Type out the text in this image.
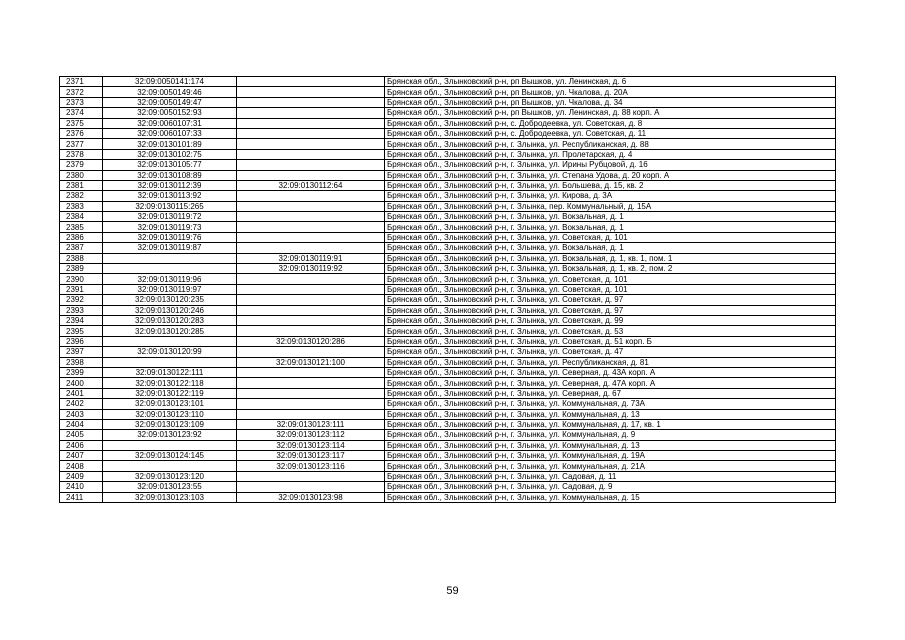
2371	32:09:0050141:174		Брянская обл., Злынковский р-н, рп Вышков, ул. Ленинская, д. 6
2372	32:09:0050149:46		Брянская обл., Злынковский р-н, рп Вышков, ул. Чкалова, д. 20А
2373	32:09:0050149:47		Брянская обл., Злынковский р-н, рп Вышков, ул. Чкалова, д. 34
2374	32:09:0050152:93		Брянская обл., Злынковский р-н, рп Вышков, ул. Ленинская, д. 88 корп. А
2375	32:09:0060107:31		Брянская обл., Злынковский р-н, с. Добродеевка, ул. Советская, д. 8
2376	32:09:0060107:33		Брянская обл., Злынковский р-н, с. Добродеевка, ул. Советская, д. 11
2377	32:09:0130101:89		Брянская обл., Злынковский р-н, г. Злынка, ул. Республиканская, д. 88
2378	32:09:0130102:75		Брянская обл., Злынковский р-н, г. Злынка, ул. Пролетарская, д. 4
2379	32:09:0130105:77		Брянская обл., Злынковский р-н, г. Злынка, ул. Ирины Рубцовой, д. 16
2380	32:09:0130108:89		Брянская обл., Злынковский р-н, г. Злынка, ул. Степана Удова, д. 20 корп. А
2381	32:09:0130112:39	32:09:0130112:64	Брянская обл., Злынковский р-н, г. Злынка, ул. Большева, д. 15, кв. 2
2382	32:09:0130113:92		Брянская обл., Злынковский р-н, г. Злынка, ул. Кирова, д. 3А
2383	32:09:0130115:265		Брянская обл., Злынковский р-н, г. Злынка, пер. Коммунальный, д. 15А
2384	32:09:0130119:72		Брянская обл., Злынковский р-н, г. Злынка, ул. Вокзальная, д. 1
2385	32:09:0130119:73		Брянская обл., Злынковский р-н, г. Злынка, ул. Вокзальная, д. 1
2386	32:09:0130119:76		Брянская обл., Злынковский р-н, г. Злынка, ул. Советская, д. 101
2387	32:09:0130119:87		Брянская обл., Злынковский р-н, г. Злынка, ул. Вокзальная, д. 1
2388		32:09:0130119:91	Брянская обл., Злынковский р-н, г. Злынка, ул. Вокзальная, д. 1, кв. 1, пом. 1
2389		32:09:0130119:92	Брянская обл., Злынковский р-н, г. Злынка, ул. Вокзальная, д. 1, кв. 2, пом. 2
2390	32:09:0130119:96		Брянская обл., Злынковский р-н, г. Злынка, ул. Советская, д. 101
2391	32:09:0130119:97		Брянская обл., Злынковский р-н, г. Злынка, ул. Советская, д. 101
2392	32:09:0130120:235		Брянская обл., Злынковский р-н, г. Злынка, ул. Советская, д. 97
2393	32:09:0130120:246		Брянская обл., Злынковский р-н, г. Злынка, ул. Советская, д. 97
2394	32:09:0130120:283		Брянская обл., Злынковский р-н, г. Злынка, ул. Советская, д. 99
2395	32:09:0130120:285		Брянская обл., Злынковский р-н, г. Злынка, ул. Советская, д. 53
2396		32:09:0130120:286	Брянская обл., Злынковский р-н, г. Злынка, ул. Советская, д. 51 корп. Б
2397	32:09:0130120:99		Брянская обл., Злынковский р-н, г. Злынка, ул. Советская, д. 47
2398		32:09:0130121:100	Брянская обл., Злынковский р-н, г. Злынка, ул. Республиканская, д. 81
2399	32:09:0130122:111		Брянская обл., Злынковский р-н, г. Злынка, ул. Северная, д. 43А корп. А
2400	32:09:0130122:118		Брянская обл., Злынковский р-н, г. Злынка, ул. Северная, д. 47А корп. А
2401	32:09:0130122:119		Брянская обл., Злынковский р-н, г. Злынка, ул. Северная, д. 67
2402	32:09:0130123:101		Брянская обл., Злынковский р-н, г. Злынка, ул. Коммунальная, д. 73А
2403	32:09:0130123:110		Брянская обл., Злынковский р-н, г. Злынка, ул. Коммунальная, д. 13
2404	32:09:0130123:109	32:09:0130123:111	Брянская обл., Злынковский р-н, г. Злынка, ул. Коммунальная, д. 17, кв. 1
2405	32:09:0130123:92	32:09:0130123:112	Брянская обл., Злынковский р-н, г. Злынка, ул. Коммунальная, д. 9
2406		32:09:0130123:114	Брянская обл., Злынковский р-н, г. Злынка, ул. Коммунальная, д. 13
2407	32:09:0130124:145	32:09:0130123:117	Брянская обл., Злынковский р-н, г. Злынка, ул. Коммунальная, д. 19А
2408		32:09:0130123:116	Брянская обл., Злынковский р-н, г. Злынка, ул. Коммунальная, д. 21А
2409	32:09:0130123:120		Брянская обл., Злынковский р-н, г. Злынка, ул. Садовая, д. 11
2410	32:09:0130123:55		Брянская обл., Злынковский р-н, г. Злынка, ул. Садовая, д. 9
2411	32:09:0130123:103	32:09:0130123:98	Брянская обл., Злынковский р-н, г. Злынка, ул. Коммунальная, д. 15
59
